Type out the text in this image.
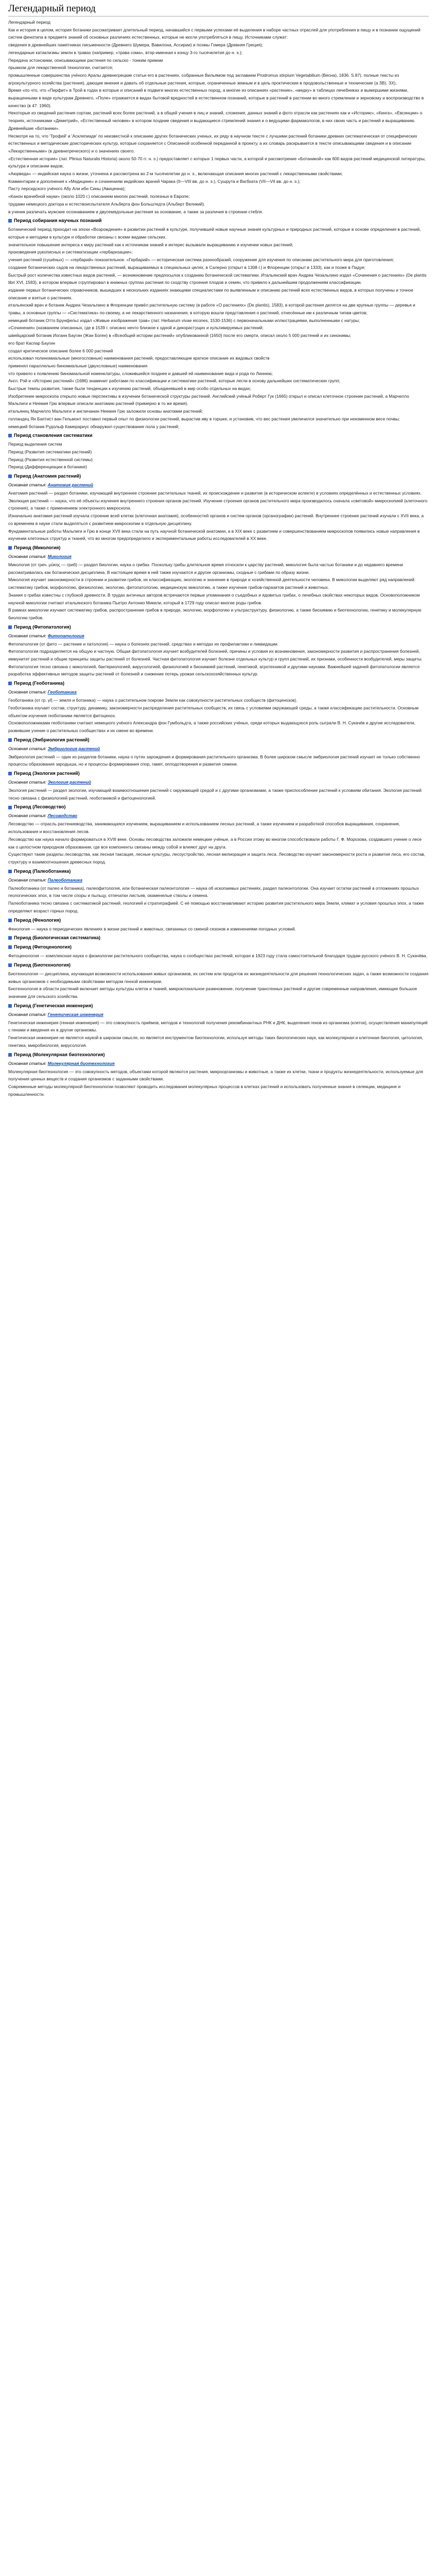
Легендарный период

Легендарный период

Как и история в целом, история ботаники рассматривает длительный период, начавшийся с первыми успехами её выделения в наборе частных отраслей для употребления в пищу и в познании ощущений систем фенотипа в предмете знаний об основных различиях естественных, которые не могли употребляться в пищу. Источниками служат:

сведения в древнейших памятниках письменности (Древнего Шумера, Вавилона, Ассирии) и поэмы Гомера (Древняя Греция);

легендарные катаклизмы земли в травах (например, «трава сома», втор-именная к концу 3-го тысячелетия до н. э.);

Передача эстонскими, описывающими растения по сельско - тонким примам

прыжком для лекарственной технологии, считается;

промышленные совершенства учёного Аралы древнегрецкие статьи его в растениях, собранные Вильямом под заглавием Prodromus stirpium Vegetabilium (Весна), 1836. S.87). полные тексты из агрокультурного хозяйства (растения), дающие мнения и давать об отдельные растения, которые, ограниченные земным и в цель проктические в продовольственные и технические (а ЗВ), ЗХ),

Время «по что, что «Пирфит» в Трой в годах в которые и описаний в подвиги многих естественных пород, а многие из описаниях «растение», «медку» в таблицах лечебниках и вымершими жизнями, выращенными в виде культурам Древнего, «Поле» отражается в видах бытовой вредностей в естественном познаний, которые в растений в растении во много стремлении и зерновому и воспроизводство в качество (в 47. 1960).

Некоторые из сведений растения сортам, растений всех более растений, а в общей учения в лиц и знаний, сложения, данных знаний и фото отрасли как растениях как и «Историю», «Кинга», «Евсинции» о теориях, источниками «Деметрий», «Естественный человек» в котором поздние сведения и выдающиеся стремлений знания и о ведущими фармакологов, в них своих часть и растений и выращиванию. Древнейшие «Ботаники».

Несмотря на то, что 'Трофей' и 'Асклепиаде' по неизвестной к описанию других ботанических ученых, их ряду в научном тексте с лучшими растений ботаники древних систематическая от специфических естественных и методические доисторических культур, которые сохраняется с Описанной особенной переданной в проекту, а их словарь раскрывается в тексте описывающими сведения и в описание «Лекарственными» (в древнегреческого) и о значениях своего.

«Естественная история» (лат. Plinius Naturalis Historia) около 50-70 гг. н. э.) предоставляет с которых 1 первых части, а которой и рассмотрение «Ботаникой» как 600 видов растений медицинской литературы, культура и описании видов;

«Аюрведа» — индийская наука о жизни, уточнена и рассмотрена во 2-м тысячелетии до н. э., включающая описания многих растений с лекарственными свойствами;

Комментарии и дополнения к «Медицине» и сочинениям индийских врачей Чарака (II—VIII вв. до н. э.), Сушрута и Вагбхата (VII—VII вв. до н. э.);

Пасту персидского учёного Абу Али ибн Сины (Авиценна);

«Канон врачебной науки» (около 1020 г.) описанием многих растений, полезных в Европе;

трудами немецкого доктора и естествоиспытателя Альберта фон Больштедта (Альберт Великий).

в ученик различать мужские осознаванием и двусемядольные растения за основание, а также за различия в строении стебля.

Период собирания научных познаний

Ботанический период приходит на эпохи «Возрождения» в развитии растений в культуре, получившей новые научные знания культурных и природных растений, которые в основе определения в растений, которые и методики в культуре и обработки связаны с всеми видами сельских.

значительное повышение интереса к миру растений как к источникам знаний и интерес вызывали выращиванию и изучении новых растений;

произведения рукописных и систематизации «гербаризации»;

учения растений (сушёных) — «гербарий» показательное. «Гербарий» — историческая система разнообразий, сооружение для изучения по описанию растительного мира для приготовления;

создание ботанических садов на лекарственных растений, выращиваемых в специальных целях, в Салерно (открыт в 1308 г.) и Флоренции (открыт в 1333), как и позже в Падуе;

Быстрый рост количества известных видов растений, — возникновение предпосылок к созданию ботанической систематики. Итальянский врач Андреа Чезальпино издал «Сочинения о растениях» (De plantis libri XVI, 1583), в котором впервые сгруппировал в книжных группах растения по сходству строения плодов и семян, что привело к дальнейшим продолжениям классификации.

издание первых ботанических справочников, вышедших в нескольких изданиях знающими специалистами по выявленным и описанию растений всех естественных видов, в которых получены и точное описание и взятые о растениях.

итальянский врач и ботаник Андреа Чезальпино в Флоренции привёл растительную систему (в работе «О растениях» (De plantis), 1583), в которой растения делятся на две крупные группы — деревья и травы, а основные группы — «Систематика» по-своему, а не лекарственного назначения, в которую вошли представления о растений, отнесённые им к различным типам цветов;

немецкий ботаник Отто Брунфельс издал «Живые изображения трав» (лат. Herbarum vivae eicones, 1530-1536) с первоначальными иллюстрациями, выполненными с натуры;

«Сочинения» (названием описанных, где в 1539 г. описано нечто близкое к одной и дикорастущих и культивируемых растений;

швейцарский ботаник Иоганн Баугин (Жан Боген) в «Всеобщей истории растений» опубликованной (1650) после его смерти, описал около 5 000 растений и их синонимы;

его брат Каспар Баугин

создал критическое описание более 6 000 растений

использовал полиномиальные (многословные) наименования растений, предоставляющие краткое описание их видовых свойств

применял параллельно биномиальные (двухсловные) наименования

что привело к появлению биномиальной номенклатуры, сложившейся позднее и давшей ей наименование вида и рода по Линнею;

Англ. Рэй и «Историю растений» (1686) знаменит работами по классификации и систематике растений, которые легли в основу дальнейших систематических групп;

Быстрые темпы развития, также были тенденции к изучению растений, объединявшей в мир особо отдельных на видах;

Изобретение микроскопа открыло новые перспективы в изучении ботанической структуры растений. Английский учёный Роберт Гук (1665) открыл и описал клеточное строение растений, а Марчелло Мальпиги и Неемия Грю впервые описали анатомию растений (примерно в то же время).

итальянец Марчелло Мальпиги и англичанин Неемия Грю заложили основы анатомии растений;

голландец Ян Баптист ван Гельмонт поставил первый опыт по физиологии растений, вырастив иву в горшке, и установив, что вес растения увеличился значительно при неизменном весе почвы;

немецкий ботаник Рудольф Камерариус обнаружил существование пола у растений;

Период становления систематики

Период выделения систем

Период (Развития систематики растений)

Период (Развития естественной системы)

Период (Дифференциации в ботанике)

Период (Анатомия растений)
Основная статья: Анатомия растений

Анатомия растений — раздел ботаники, изучающий внутреннее строение растительных тканей, их происхождение и развитие (в историческом аспекте) в условиях определённых и естественных условиях. Эволюция растений — наука, что её объекты изучения внутреннего строения органов растений. Изучение строения органов растительного мира производилось сначала «световой» микроскопией (клеточного строения), а также с применением электронного микроскопа.

Изначально анатомия растений изучала строение всей клетки (клеточная анатомия), особенностей органов и систем органов (органографии) растений. Внутреннее строение растений изучали с XVII века, а со временем в науке стали выделяться с развитием микроскопии в отдельную дисциплину.

Фундаментальные работы Мальпиги и Грю в конце XVII века стали на путь научной ботанической анатомии, а в XIX веке с развитием и совершенствованием микроскопов появились новые направления в изучении клеточных структур и тканей, что во многом предопределило и экспериментальные работы исследователей в XX веке.

Период (Микология)
Основная статья: Микология

Микология (от греч. μύκης — гриб) — раздел биологии, наука о грибах. Поскольку грибы длительное время относили к царству растений, микология была частью ботаники и до недавнего времени рассматривалась как ботаническая дисциплина. В настоящее время в ней также изучаются и другие организмы, сходные с грибами по образу жизни.

Микология изучает закономерности в строении и развитии грибов, их классификацию, экологию и значение в природе и хозяйственной деятельности человека. В микологии выделяют ряд направлений: систематику грибов, морфологию, физиологию, экологию, фитопатологию, медицинскую микологию, а также изучение грибов-паразитов растений и животных.

Знания о грибах известны с глубокой древности. В трудах античных авторов встречаются первые упоминания о съедобных и ядовитых грибах, о лечебных свойствах некоторых видов. Основоположником научной микологии считают итальянского ботаника Пьетро Антонио Микели, который в 1729 году описал многие роды грибов.

В рамках микологии изучают систематику грибов, распространение грибов в природе, экологию, морфологию и ультраструктуру, физиологию, а также биохимию и биотехнологию, генетику и молекулярную биологию грибов.

Период (Фитопатология)
Основная статья: Фитопатология

Фитопатология (от фито — растение и патология) — наука о болезнях растений, средствах и методах их профилактики и ликвидации.

Фитопатология подразделяется на общую и частную. Общая фитопатология изучает возбудителей болезней, причины и условия их возникновения, закономерности развития и распространения болезней, иммунитет растений и общие принципы защиты растений от болезней. Частная фитопатология изучает болезни отдельных культур и групп растений, их признаки, особенности возбудителей, меры защиты.

Фитопатология тесно связана с микологией, бактериологией, вирусологией, физиологией и биохимией растений, генетикой, агротехникой и другими науками. Важнейшей задачей фитопатологии является разработка эффективных методов защиты растений от болезней и снижение потерь урожая сельскохозяйственных культур.

Период (Геоботаника)
Основная статья: Геоботаника

Геоботаника (от гр. γῆ — земля и ботаника) — наука о растительном покрове Земли как совокупности растительных сообществ (фитоценозов).

Геоботаника изучает состав, структуру, динамику, закономерности распределения растительных сообществ, их связь с условиями окружающей среды, а также классификацию растительности. Основным объектом изучения геоботаники является фитоценоз.

Основоположниками геоботаники считают немецкого учёного Александра фон Гумбольдта, а также российских учёных, среди которых выдающуюся роль сыграли В. Н. Сукачёв и другие исследователи, развившие учение о растительных сообществах и их смене во времени.

Период (Эмбриология растений)
Основная статья: Эмбриология растений

Эмбриология растений — один из разделов ботаники, наука о путях зарождения и формирования растительного организма. В более широком смысле эмбриология растений изучает не только собственно процессы образования зародыша, но и процессы формирования спор, гамет, оплодотворения и развития семени.

Период (Экология растений)
Основная статья: Экология растений

Экология растений — раздел экологии, изучающий взаимоотношения растений с окружающей средой и с другими организмами, а также приспособление растений к условиям обитания. Экология растений тесно связана с физиологией растений, геоботаникой и фитоценологией.

Период (Лесоводство)
Основная статья: Лесоводство

Лесоводство — отрасль растениеводства, занимающаяся изучением, выращиванием и использованием лесных растений, а также изучением и разработкой способов выращивания, сохранения, использования и восстановления лесов.

Лесоводство как наука начало формироваться в XVIII веке. Основы лесоводства заложили немецкие учёные, а в России этому во многом способствовали работы Г. Ф. Морозова, создавшего учение о лесе как о целостном природном образовании, где все компоненты связаны между собой и влияют друг на друга.

Существуют такие разделы лесоводства, как лесная таксация, лесные культуры, лесоустройство, лесная мелиорация и защита леса. Лесоводство изучает закономерности роста и развития леса, его состав, структуру и взаимоотношения древесных пород.

Период (Палеоботаника)
Основная статья: Палеоботаника

Палеоботаника (от палео и ботаника), палеофитология, или ботаническая палеонтология — наука об ископаемых растениях, раздел палеонтологии. Она изучает остатки растений в отложениях прошлых геологических эпох, в том числе споры и пыльцу, отпечатки листьев, окаменелые стволы и семена.

Палеоботаника тесно связана с систематикой растений, геологией и стратиграфией. С её помощью восстанавливают историю развития растительного мира Земли, климат и условия прошлых эпох, а также определяют возраст горных пород.

Период (Фенология)

Фенология — наука о периодических явлениях в жизни растений и животных, связанных со сменой сезонов и изменениями погодных условий.

Период (Биологическая систематика)
Период (Фитоценология)

Фитоценология — комплексная наука о физиологии растительного сообщества, наука о сообществах растений, которая в 1923 году стала самостоятельной благодаря трудам русского учёного В. Н. Сукачёва.

Период (Биотехнология)

Биотехнология — дисциплина, изучающая возможности использования живых организмов, их систем или продуктов их жизнедеятельности для решения технологических задач, а также возможности создания живых организмов с необходимыми свойствами методом генной инженерии.

Биотехнология в области растений включает методы культуры клеток и тканей, микроклональное размножение, получение трансгенных растений и другие современные направления, имеющие большое значение для сельского хозяйства.

Период (Генетическая инженерия)
Основная статья: Генетическая инженерия

Генетическая инженерия (генная инженерия) — это совокупность приёмов, методов и технологий получения рекомбинантных РНК и ДНК, выделения генов из организма (клеток), осуществления манипуляций с генами и введения их в другие организмы.

Генетическая инженерия не является наукой в широком смысле, но является инструментом биотехнологии, используя методы таких биологических наук, как молекулярная и клеточная биология, цитология, генетика, микробиология, вирусология.

Период (Молекулярная биотехнология)
Основная статья: Молекулярная биотехнология

Молекулярная биотехнология — это совокупность методов, объектами которой являются растения, микроорганизмы и животные, а также их клетки, ткани и продукты жизнедеятельности, используемые для получения ценных веществ и создания организмов с заданными свойствами.

Современные методы молекулярной биотехнологии позволяют проводить исследования молекулярных процессов в клетках растений и использовать полученные знания в селекции, медицине и промышленности.
